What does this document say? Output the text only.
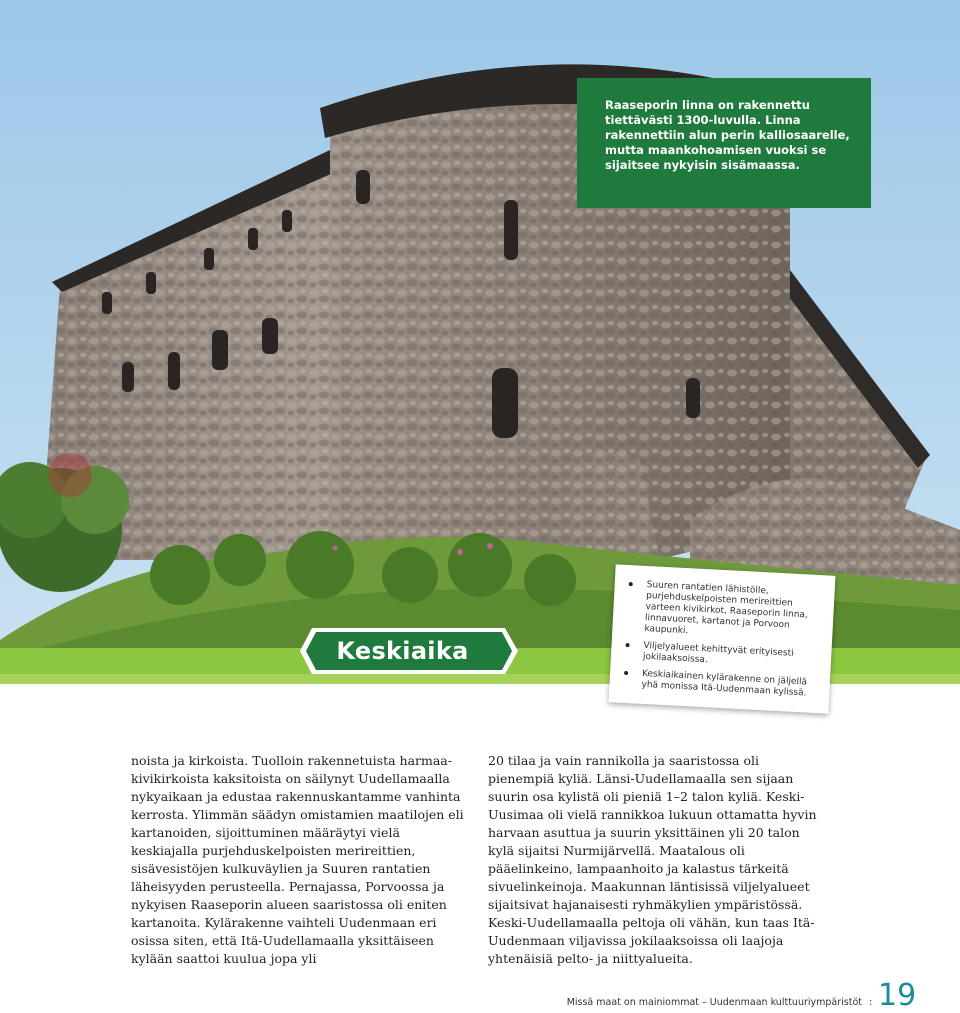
Raaseporin linna on rakennettu tiettävästi 1300-luvulla. Linna rakennettiin alun perin kalliosaarelle, mutta maankohoamisen vuoksi se sijaitsee nykyisin sisämaassa.
Keskiaika
Suuren rantatien lähistölle, purjehduskelpoisten merireittien varteen kivikirkot, Raaseporin linna, linnavuoret, kartanot ja Porvoon kaupunki.
Viljelyalueet kehittyvät erityisesti jokilaaksoissa.
Keskiaikainen kylärakenne on jäljellä yhä monissa Itä-Uudenmaan kylissä.

noista ja kirkoista. Tuolloin rakennetuista harmaa-kivikirkoista kaksitoista on säilynyt Uudellamaalla nykyaikaan ja edustaa rakennuskantamme vanhinta kerrosta. Ylimmän säädyn omistamien maatilojen eli kartanoiden, sijoittuminen määräytyi vielä keskiajalla purjehduskelpoisten merireittien, sisävesistöjen kulkuväylien ja Suuren rantatien läheisyyden perusteella. Pernajassa, Porvoossa ja nykyisen Raaseporin alueen saaristossa oli eniten kartanoita. Kylärakenne vaihteli Uudenmaan eri osissa siten, että Itä-Uudellamaalla yksittäiseen kylään saattoi kuulua jopa yli

20 tilaa ja vain rannikolla ja saaristossa oli pienempiä kyliä. Länsi-Uudellamaalla sen sijaan suurin osa kylistä oli pieniä 1–2 talon kyliä. Keski-Uusimaa oli vielä rannikkoa lukuun ottamatta hyvin harvaan asuttua ja suurin yksittäinen yli 20 talon kylä sijaitsi Nurmijärvellä. Maatalous oli pääelinkeino, lampaanhoito ja kalastus tärkeitä sivuelinkeinoja. Maakunnan läntisissä viljelyalueet sijaitsivat hajanaisesti ryhmäkylien ympäristössä. Keski-Uudellamaalla peltoja oli vähän, kun taas Itä-Uudenmaan viljavissa jokilaaksoissa oli laajoja yhtenäisiä pelto- ja niittyalueita.

Missä maat on mainiommat – Uudenmaan kulttuuriympäristöt : 19
